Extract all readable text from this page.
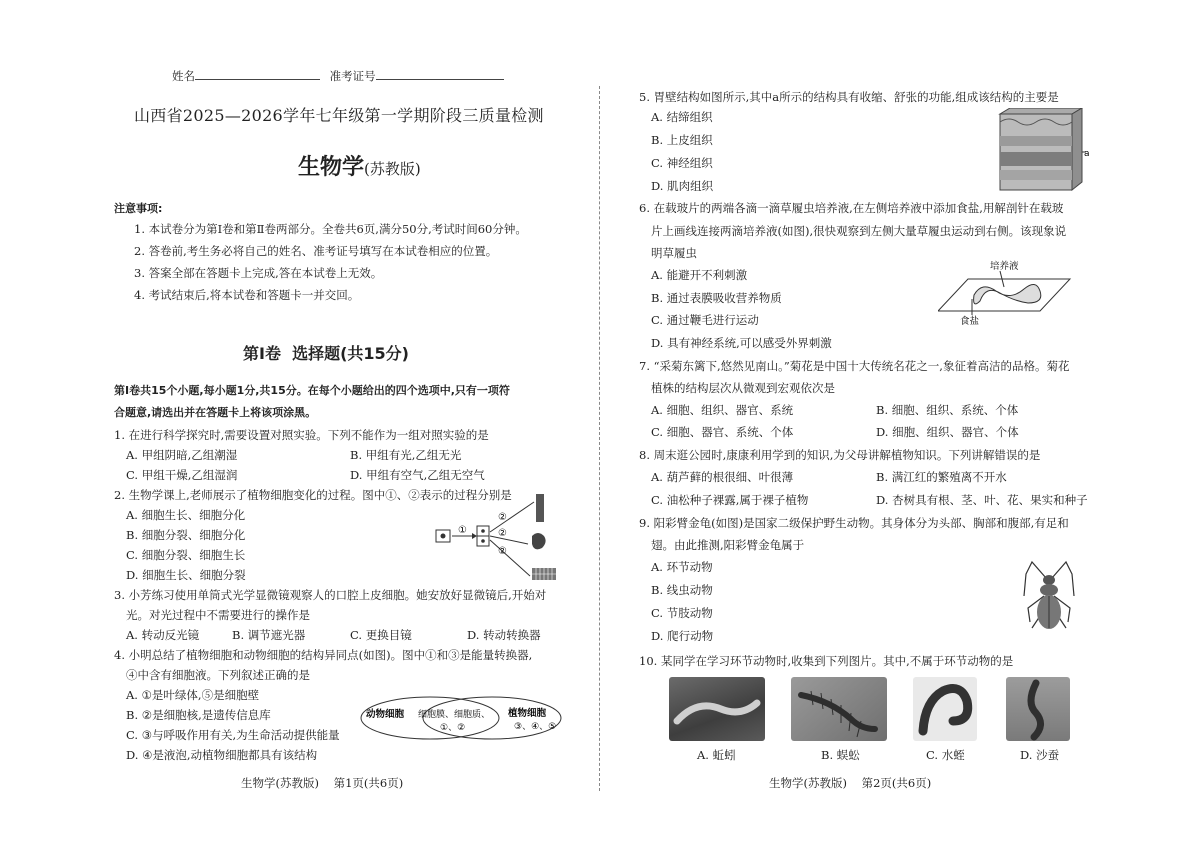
姓名	准考证号
山西省2025—2026学年七年级第一学期阶段三质量检测
生物学(苏教版)
注意事项:
1. 本试卷分为第Ⅰ卷和第Ⅱ卷两部分。全卷共6页,满分50分,考试时间60分钟。
2. 答卷前,考生务必将自己的姓名、准考证号填写在本试卷相应的位置。
3. 答案全部在答题卡上完成,答在本试卷上无效。
4. 考试结束后,将本试卷和答题卡一并交回。
第Ⅰ卷  选择题(共15分)
第Ⅰ卷共15个小题,每小题1分,共15分。在每个小题给出的四个选项中,只有一项符
合题意,请选出并在答题卡上将该项涂黑。
1. 在进行科学探究时,需要设置对照实验。下列不能作为一组对照实验的是
A. 甲组阴暗,乙组潮湿	B. 甲组有光,乙组无光
C. 甲组干燥,乙组湿润	D. 甲组有空气,乙组无空气
2. 生物学课上,老师展示了植物细胞变化的过程。图中①、②表示的过程分别是
A. 细胞生长、细胞分化
B. 细胞分裂、细胞分化
C. 细胞分裂、细胞生长
D. 细胞生长、细胞分裂
①
②
②
②
3. 小芳练习使用单筒式光学显微镜观察人的口腔上皮细胞。她安放好显微镜后,开始对
光。对光过程中不需要进行的操作是
A. 转动反光镜	B. 调节遮光器	C. 更换目镜	D. 转动转换器
4. 小明总结了植物细胞和动物细胞的结构异同点(如图)。图中①和③是能量转换器,
④中含有细胞液。下列叙述正确的是
A. ①是叶绿体,⑤是细胞壁
B. ②是细胞核,是遗传信息库
C. ③与呼吸作用有关,为生命活动提供能量
D. ④是液泡,动植物细胞都具有该结构
动物细胞 细胞膜、细胞质、
①、②
植物细胞
③、④、⑤
生物学(苏教版)    第1页(共6页)
5. 胃壁结构如图所示,其中a所示的结构具有收缩、舒张的功能,组成该结构的主要是
A. 结缔组织
B. 上皮组织
C. 神经组织
D. 肌肉组织
a
6. 在载玻片的两端各滴一滴草履虫培养液,在左侧培养液中添加食盐,用解剖针在载玻
片上画线连接两滴培养液(如图),很快观察到左侧大量草履虫运动到右侧。该现象说
明草履虫
A. 能避开不利刺激
B. 通过表膜吸收营养物质
C. 通过鞭毛进行运动
D. 具有神经系统,可以感受外界刺激
培养液
食盐
7. “采菊东篱下,悠然见南山。”菊花是中国十大传统名花之一,象征着高洁的品格。菊花
植株的结构层次从微观到宏观依次是
A. 细胞、组织、器官、系统	B. 细胞、组织、系统、个体
C. 细胞、器官、系统、个体	D. 细胞、组织、器官、个体
8. 周末逛公园时,康康利用学到的知识,为父母讲解植物知识。下列讲解错误的是
A. 葫芦藓的根很细、叶很薄	B. 满江红的繁殖离不开水
C. 油松种子裸露,属于裸子植物	D. 杏树具有根、茎、叶、花、果实和种子
9. 阳彩臂金龟(如图)是国家二级保护野生动物。其身体分为头部、胸部和腹部,有足和
翅。由此推测,阳彩臂金龟属于
A. 环节动物
B. 线虫动物
C. 节肢动物
D. 爬行动物
10. 某同学在学习环节动物时,收集到下列图片。其中,不属于环节动物的是
A. 蚯蚓	B. 蜈蚣	C. 水蛭	D. 沙蚕
生物学(苏教版)    第2页(共6页)
